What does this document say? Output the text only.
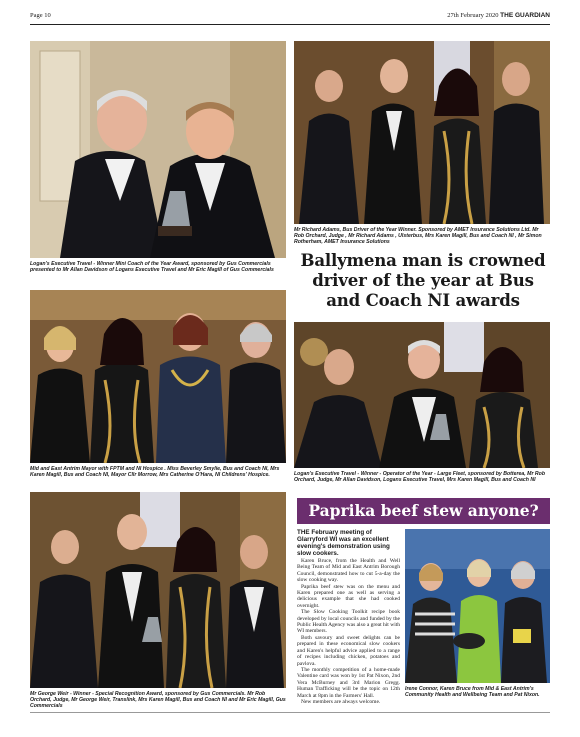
Page 10	27th February 2020 THE GUARDIAN
Logan's Executive Travel - Winner Mini Coach of the Year Award, sponsored by Gus Commercials presented to Mr Allan Davidson of Logans Executive Travel and Mr Eric Magill of Gus Commercials
Mr Richard Adams, Bus Driver of the Year Winner. Sponsored by AMET Insurance Solutions Ltd. Mr Rob Orchard, Judge , Mr Richard Adams , Ulsterbus, Mrs Karen Magill, Bus and Coach NI , Mr Simon Rotherham, AMET Insurance Solutions
Ballymena man is crowned driver of the year at Bus and Coach NI awards
Mid and East Antrim Mayor with FPTM and NI Hospice . Miss Beverley Smylie, Bus and Coach NI, Mrs Karen Magill, Bus and Coach NI, Mayor Cllr Morrow, Mrs Catherine O'Hara, NI Childrens' Hospice.	Logan's Executive Travel - Winner - Operator of the Year - Large Fleet, sponsored by Botterea, Mr Rob Orchard, Judge, Mr Allan Davidson, Logans Executive Travel, Mrs Karen Magill, Bus and Coach NI
Mr George Weir - Winner - Special Recognition Award, sponsored by Gus Commercials. Mr Rob Orchard, Judge, Mr George Weir, Translink, Mrs Karen Magill, Bus and Coach NI and Mr Eric Magill, Gus Commercials
Paprika beef stew anyone?
THE February meeting of Glarryford WI was an excellent evening's demonstration using slow cookers.

Karen Bruce, from the Health and Well Being Team of Mid and East Antrim Borough Council, demonstrated how to cut 5-a-day the slow cooking way.

Paprika beef stew was on the menu and Karen prepared one as well as serving a delicious example that she had cooked overnight.

The Slow Cooking Toolkit recipe book developed by local councils and funded by the Public Health Agency was also a great hit with WI members.

Both savoury and sweet delights can be prepared in these economical slow cookers and Karen's helpful advice applied to a range of recipes including chicken, potatoes and pavlova.

The monthly competition of a home-made Valentine card was won by 1st Pat Nixon, 2nd Vera McBurney and 3rd Marion Gregg. Human Trafficking will be the topic on 12th March at 8pm in the Farmers' Hall.

New members are always welcome.

Irene Connor, Karen Bruce from Mid & East Antrim's Community Health and Wellbeing Team and Pat Nixon.
